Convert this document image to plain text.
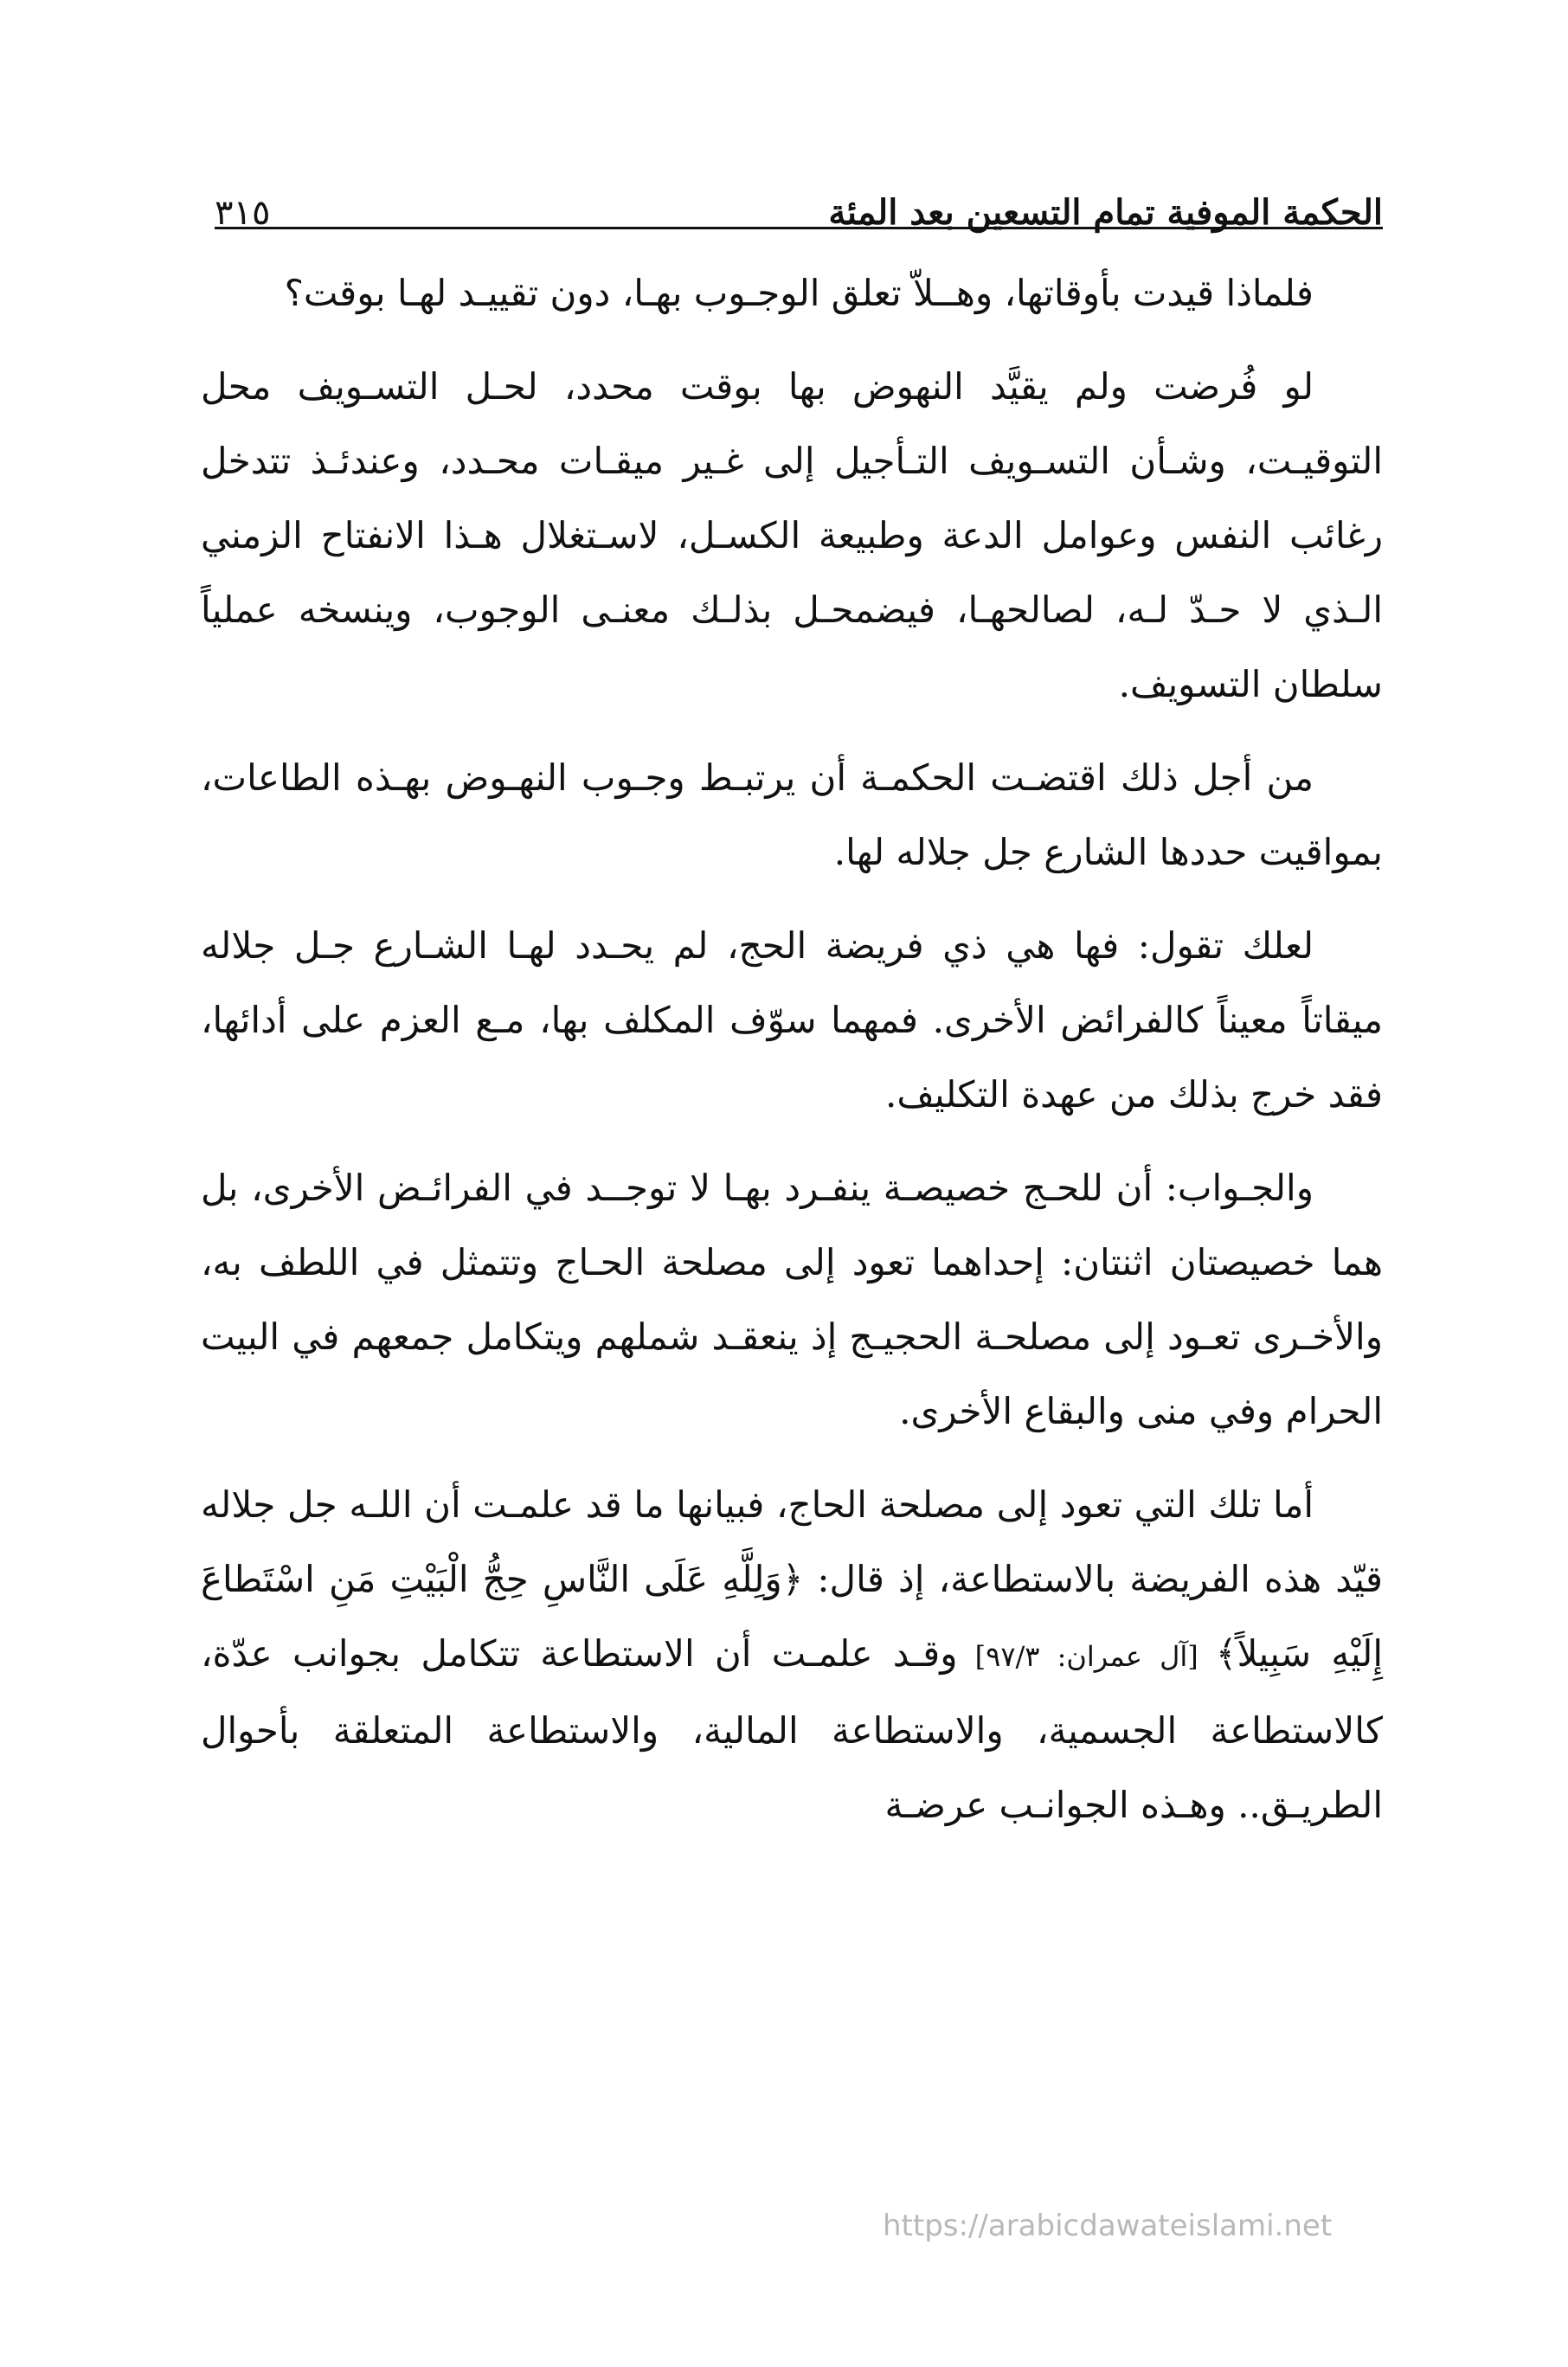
الحكمة الموفية تمام التسعين بعد المئة
٣١٥

فلماذا قيدت بأوقاتها، وهــلاّ تعلق الوجـوب بهـا، دون تقييـد لهـا بوقت؟

لو فُرضت ولم يقيَّد النهوض بها بوقت محدد، لحـل التسـويف محل التوقيـت، وشـأن التسـويف التـأجيل إلى غـير ميقـات محـدد، وعندئـذ تتدخل رغائب النفس وعوامل الدعة وطبيعة الكسـل، لاسـتغلال هـذا الانفتاح الزمني الـذي لا حـدّ لـه، لصالحهـا، فيضمحـل بذلـك معنـى الوجوب، وينسخه عملياً سلطان التسويف.

من أجل ذلك اقتضـت الحكمـة أن يرتبـط وجـوب النهـوض بهـذه الطاعات، بمواقيت حددها الشارع جل جلاله لها.

لعلك تقول: فها هي ذي فريضة الحج، لم يحـدد لهـا الشـارع جـل جلاله ميقاتاً معيناً كالفرائض الأخرى. فمهما سوّف المكلف بها، مـع العزم على أدائها، فقد خرج بذلك من عهدة التكليف.

والجـواب: أن للحـج خصيصـة ينفـرد بهـا لا توجــد في الفرائـض الأخرى، بل هما خصيصتان اثنتان: إحداهما تعود إلى مصلحة الحـاج وتتمثل في اللطف به، والأخـرى تعـود إلى مصلحـة الحجيـج إذ ينعقـد شملهم ويتكامل جمعهم في البيت الحرام وفي منى والبقاع الأخرى.

أما تلك التي تعود إلى مصلحة الحاج، فبيانها ما قد علمـت أن اللـه جل جلاله قيّد هذه الفريضة بالاستطاعة، إذ قال: ﴿وَلِلَّهِ عَلَى النَّاسِ حِجُّ الْبَيْتِ مَنِ اسْتَطاعَ إِلَيْهِ سَبِيلاً﴾ [آل عمران: ٩٧/٣] وقـد علمـت أن الاستطاعة تتكامل بجوانب عدّة، كالاستطاعة الجسمية، والاستطاعة المالية، والاستطاعة المتعلقة بأحوال الطريـق.. وهـذه الجوانـب عرضـة

https://arabicdawateislami.net
